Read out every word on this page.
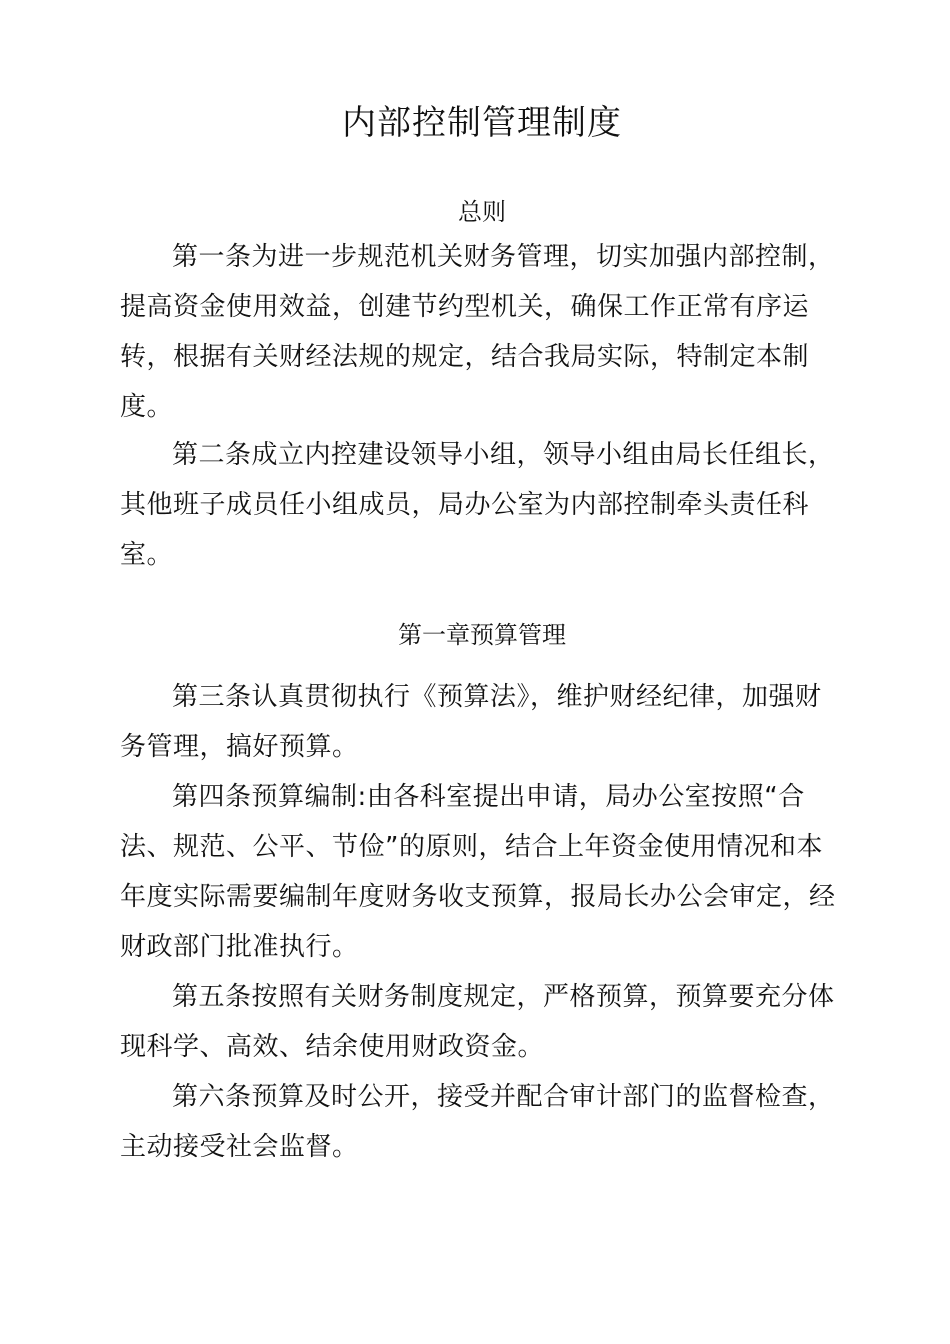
内部控制管理制度
总则

第一条为进一步规范机关财务管理，切实加强内部控制，提高资金使用效益，创建节约型机关，确保工作正常有序运转，根据有关财经法规的规定，结合我局实际，特制定本制度。

第二条成立内控建设领导小组，领导小组由局长任组长，其他班子成员任小组成员，局办公室为内部控制牵头责任科室。

第一章预算管理

第三条认真贯彻执行《预算法》，维护财经纪律，加强财务管理，搞好预算。

第四条预算编制:由各科室提出申请，局办公室按照“合法、规范、公平、节俭”的原则，结合上年资金使用情况和本年度实际需要编制年度财务收支预算，报局长办公会审定，经财政部门批准执行。

第五条按照有关财务制度规定，严格预算，预算要充分体现科学、高效、结余使用财政资金。

第六条预算及时公开，接受并配合审计部门的监督检查，主动接受社会监督。
